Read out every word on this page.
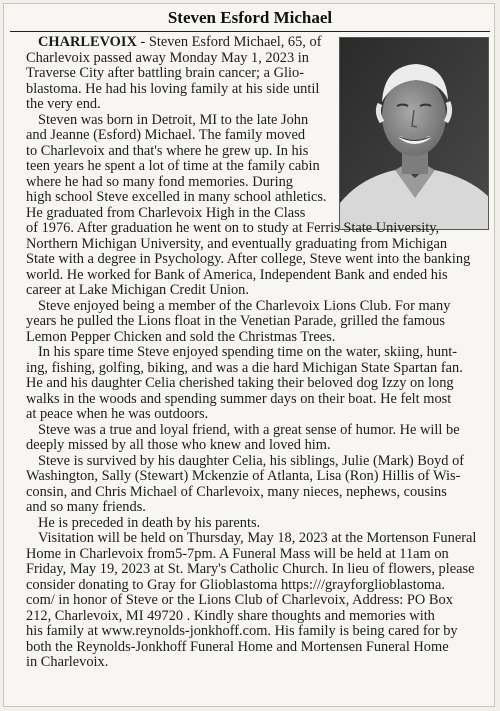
Steven Esford Michael

CHARLEVOIX - Steven Esford Michael, 65, of
Charlevoix passed away Monday May 1, 2023 in
Traverse City after battling brain cancer; a Glio-
blastoma. He had his loving family at his side until
the very end.

Steven was born in Detroit, MI to the late John
and Jeanne (Esford) Michael. The family moved
to Charlevoix and that's where he grew up. In his
teen years he spent a lot of time at the family cabin
where he had so many fond memories. During
high school Steve excelled in many school athletics.
He graduated from Charlevoix High in the Class
of 1976. After graduation he went on to study at Ferris State University,
Northern Michigan University, and eventually graduating from Michigan
State with a degree in Psychology. After college, Steve went into the banking
world. He worked for Bank of America, Independent Bank and ended his
career at Lake Michigan Credit Union.

Steve enjoyed being a member of the Charlevoix Lions Club. For many
years he pulled the Lions float in the Venetian Parade, grilled the famous
Lemon Pepper Chicken and sold the Christmas Trees.

In his spare time Steve enjoyed spending time on the water, skiing, hunt-
ing, fishing, golfing, biking, and was a die hard Michigan State Spartan fan.
He and his daughter Celia cherished taking their beloved dog Izzy on long
walks in the woods and spending summer days on their boat. He felt most
at peace when he was outdoors.

Steve was a true and loyal friend, with a great sense of humor. He will be
deeply missed by all those who knew and loved him.

Steve is survived by his daughter Celia, his siblings, Julie (Mark) Boyd of
Washington, Sally (Stewart) Mckenzie of Atlanta, Lisa (Ron) Hillis of Wis-
consin, and Chris Michael of Charlevoix, many nieces, nephews, cousins
and so many friends.

He is preceded in death by his parents.

Visitation will be held on Thursday, May 18, 2023 at the Mortenson Funeral
Home in Charlevoix from5-7pm. A Funeral Mass will be held at 11am on
Friday, May 19, 2023 at St. Mary's Catholic Church. In lieu of flowers, please
consider donating to Gray for Glioblastoma https:///grayforglioblastoma.
com/ in honor of Steve or the Lions Club of Charlevoix, Address: PO Box
212, Charlevoix, MI 49720 . Kindly share thoughts and memories with
his family at www.reynolds-jonkhoff.com. His family is being cared for by
both the Reynolds-Jonkhoff Funeral Home and Mortensen Funeral Home
in Charlevoix.
